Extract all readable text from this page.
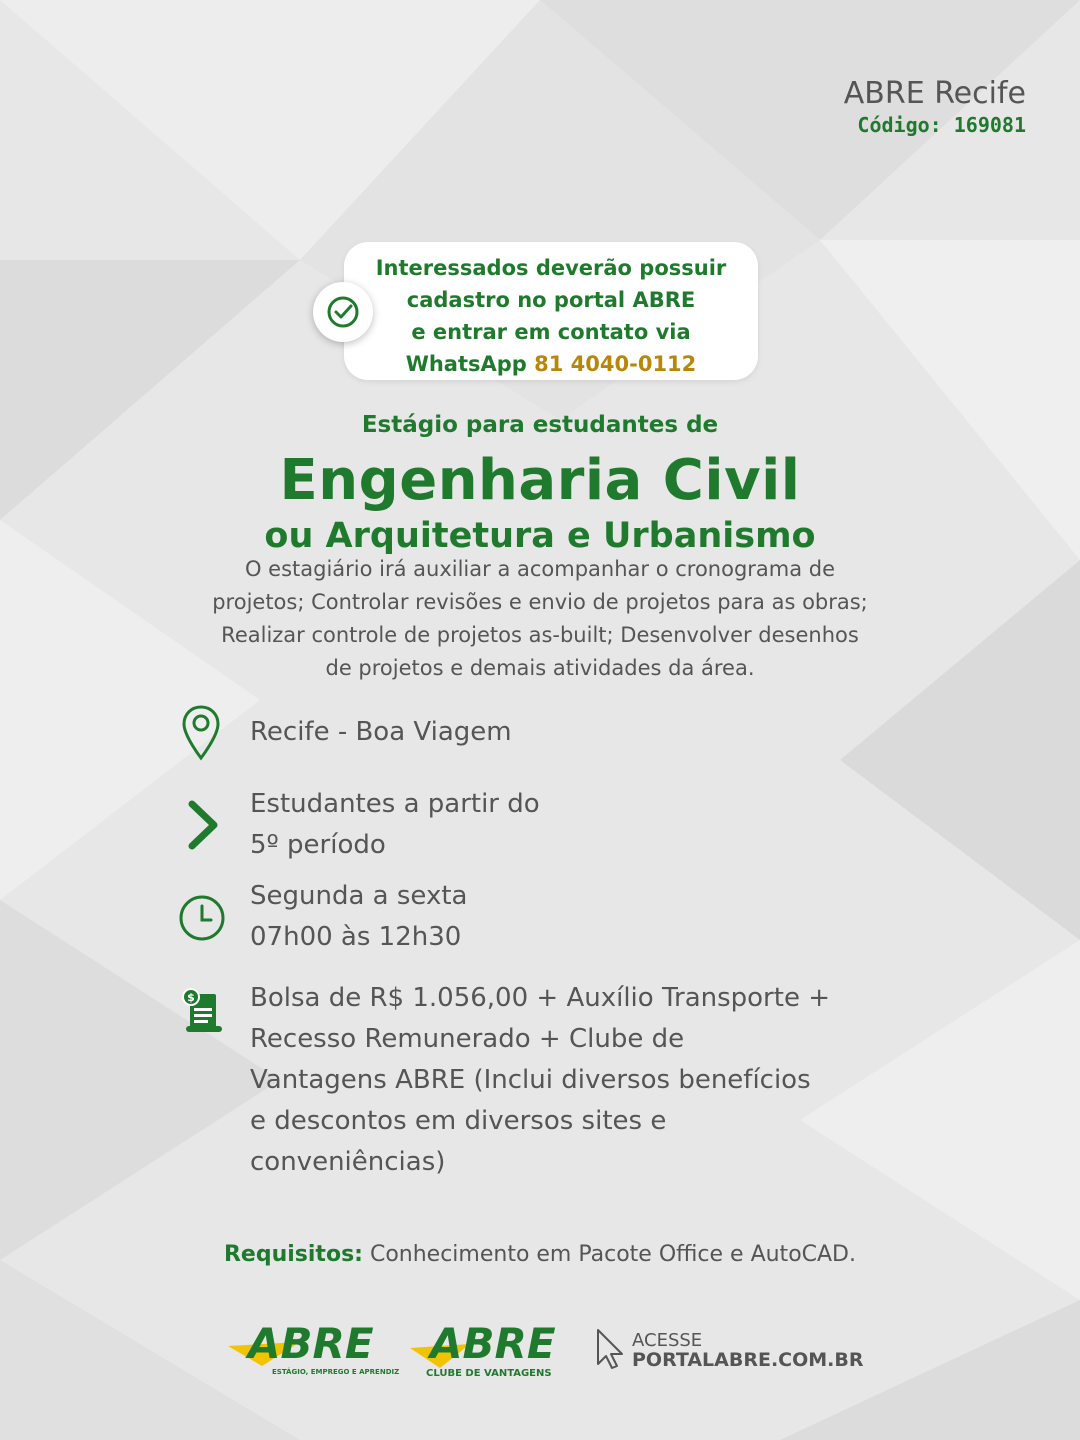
ABRE Recife
Código: 169081
Interessados deverão possuir
cadastro no portal ABRE
e entrar em contato via
WhatsApp 81 4040-0112
Estágio para estudantes de
Engenharia Civil
ou Arquitetura e Urbanismo
O estagiário irá auxiliar a acompanhar o cronograma de
projetos; Controlar revisões e envio de projetos para as obras;
Realizar controle de projetos as-built; Desenvolver desenhos
de projetos e demais atividades da área.
Recife - Boa Viagem
Estudantes a partir do
5º período
Segunda a sexta
07h00 às 12h30
$ Bolsa de R$ 1.056,00 + Auxílio Transporte +
Recesso Remunerado + Clube de
Vantagens ABRE (Inclui diversos benefícios
e descontos em diversos sites e
conveniências)
Requisitos: Conhecimento em Pacote Office e AutoCAD.
ABRE
ESTÁGIO, EMPREGO E APRENDIZ
ABRE
CLUBE DE VANTAGENS
ACESSE
PORTALABRE.COM.BR
